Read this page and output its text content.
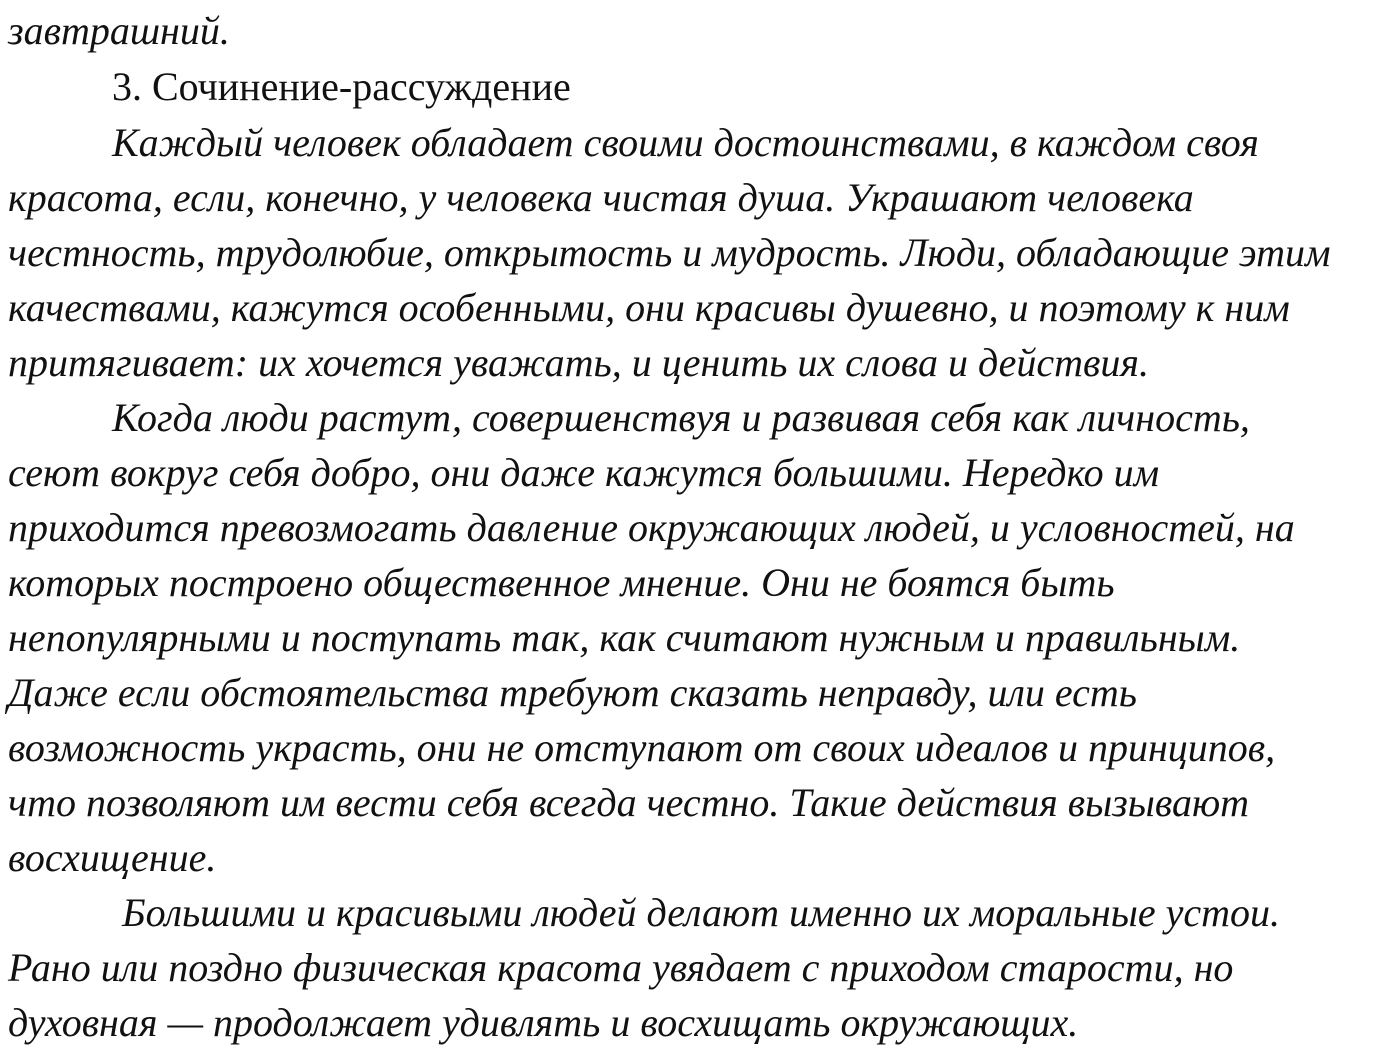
завтрашний.

3. Сочинение-рассуждение

Каждый человек обладает своими достоинствами, в каждом своя

красота, если, конечно, у человека чистая душа. Украшают человека

честность, трудолюбие, открытость и мудрость. Люди, обладающие этим

качествами, кажутся особенными, они красивы душевно, и поэтому к ним

притягивает: их хочется уважать, и ценить их слова и действия.

Когда люди растут, совершенствуя и развивая себя как личность,

сеют вокруг себя добро, они даже кажутся большими. Нередко им

приходится превозмогать давление окружающих людей, и условностей, на

которых построено общественное мнение. Они не боятся быть

непопулярными и поступать так, как считают нужным и правильным.

Даже если обстоятельства требуют сказать неправду, или есть

возможность украсть, они не отступают от своих идеалов и принципов,

что позволяют им вести себя всегда честно. Такие действия вызывают

восхищение.

Большими и красивыми людей делают именно их моральные устои.

Рано или поздно физическая красота увядает с приходом старости, но

духовная — продолжает удивлять и восхищать окружающих.
